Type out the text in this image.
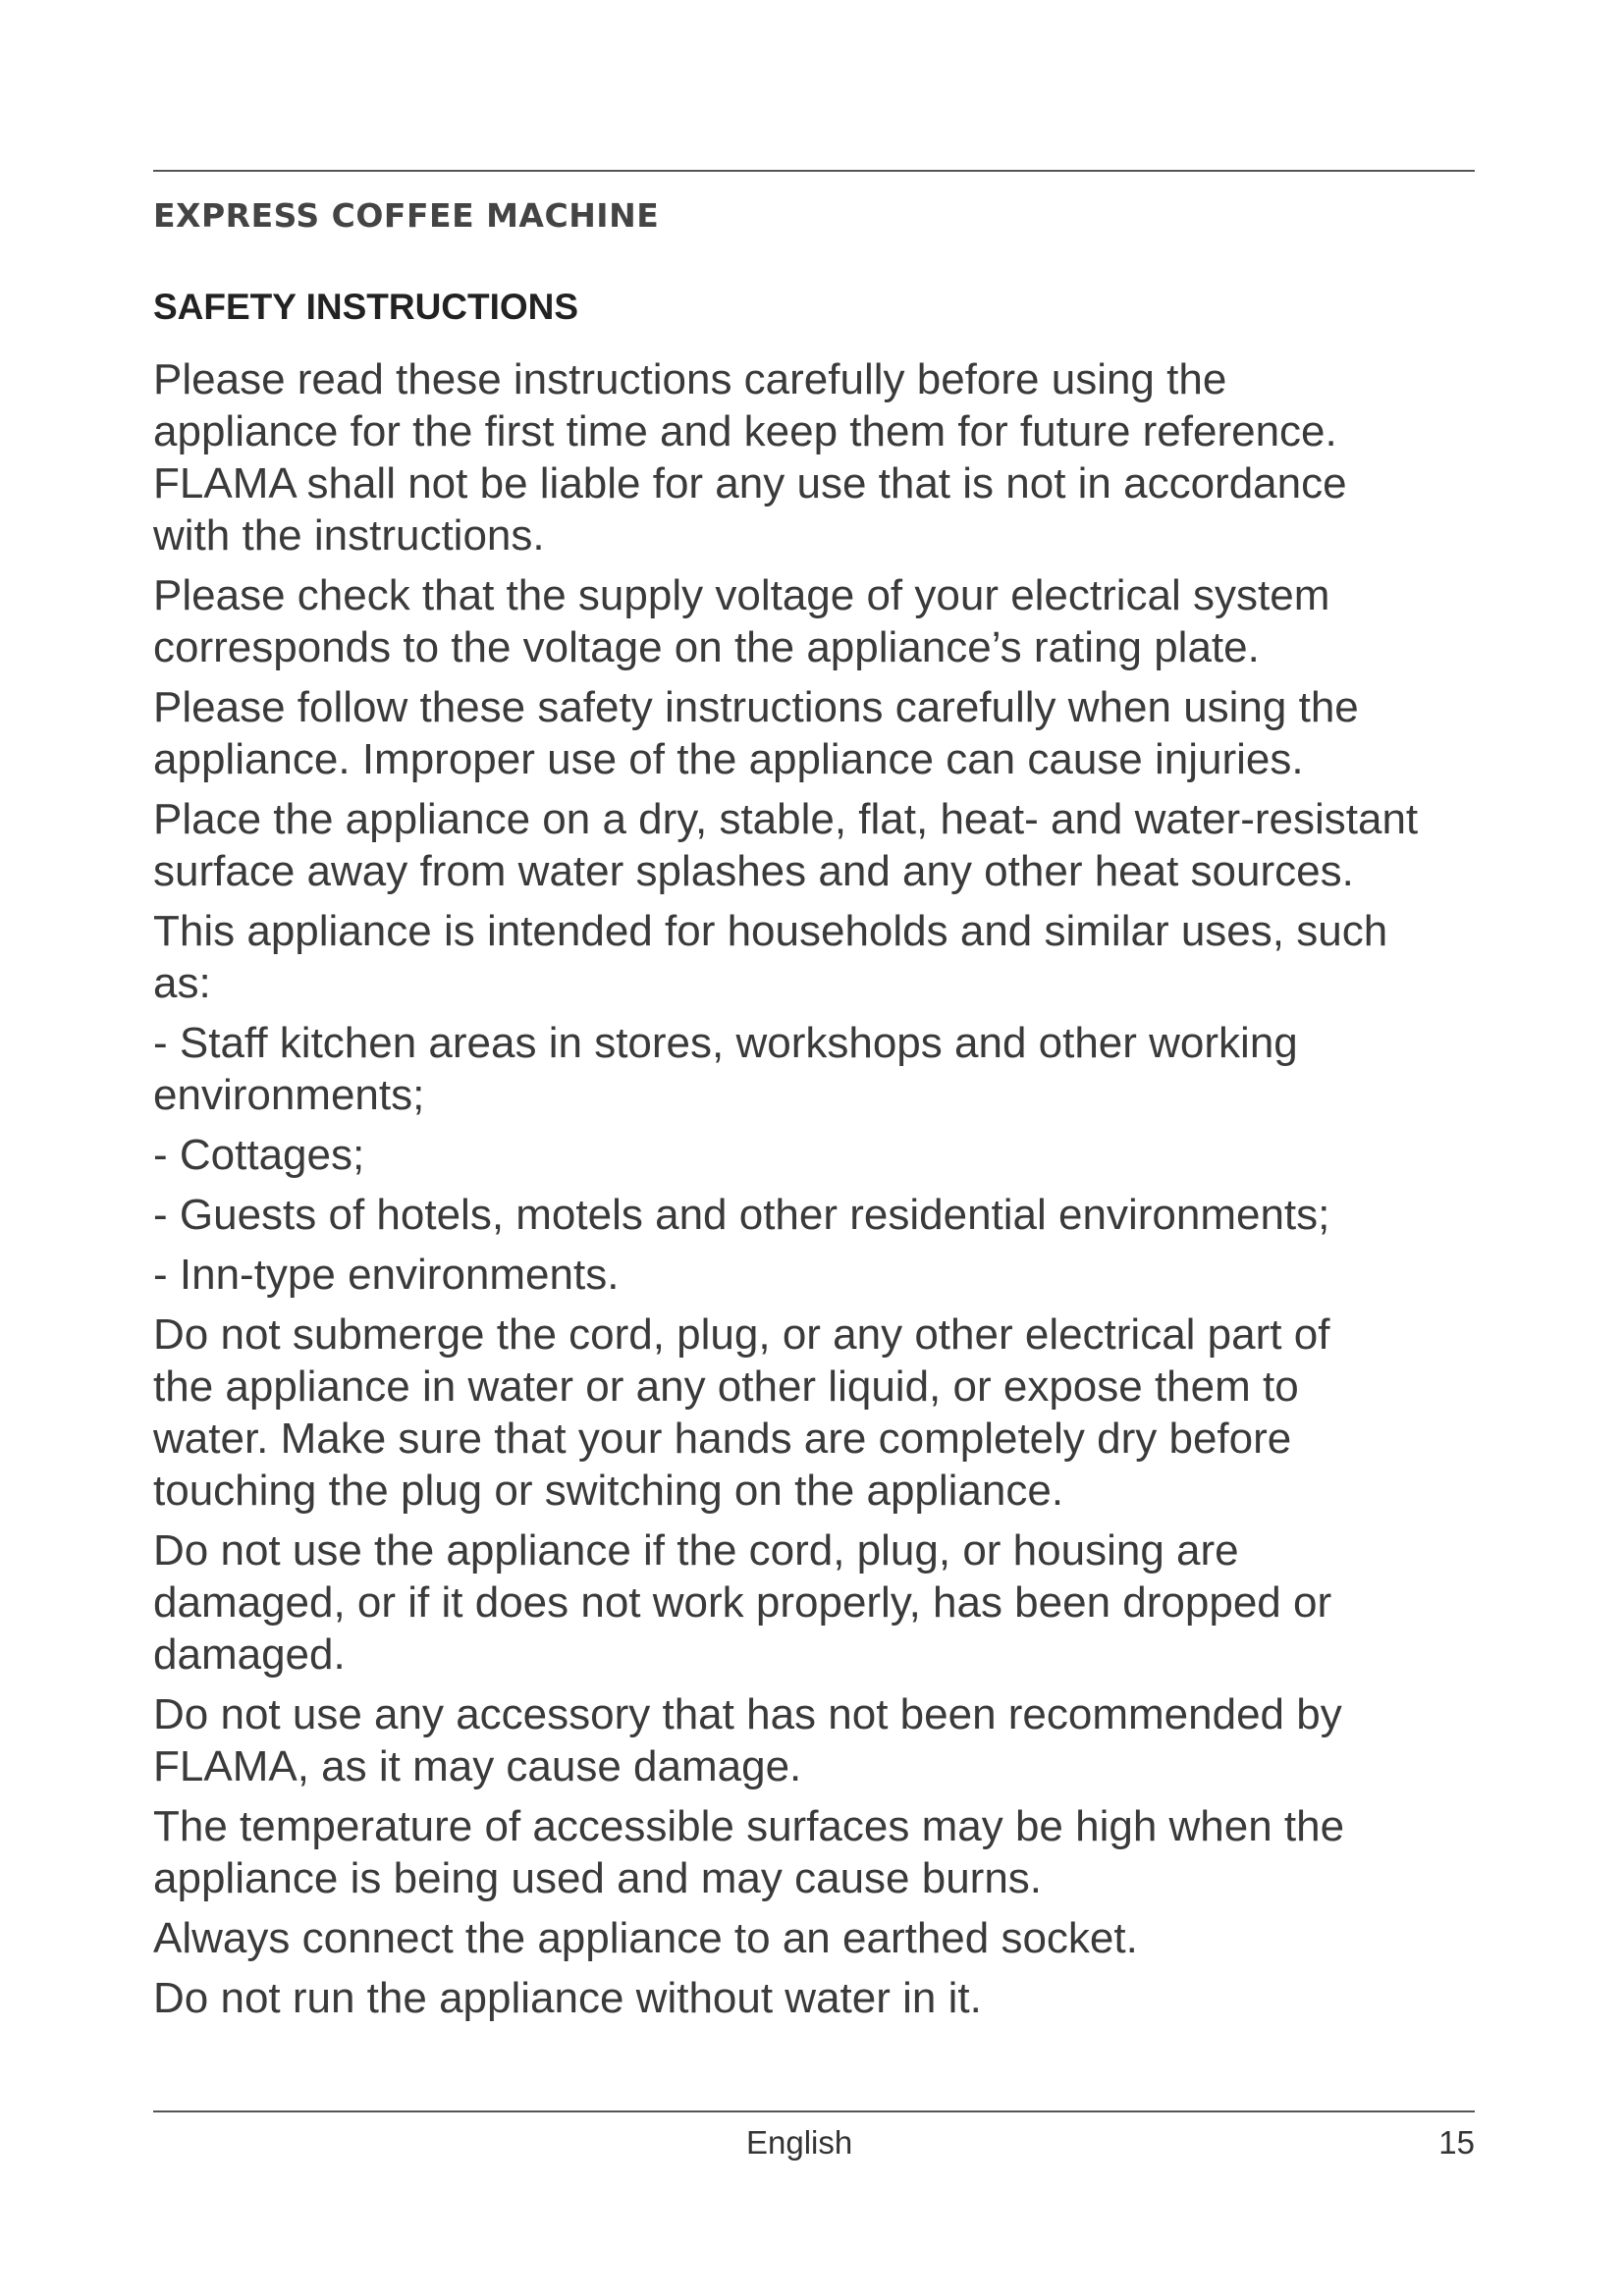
EXPRESS COFFEE MACHINE
SAFETY INSTRUCTIONS

Please read these instructions carefully before using the
appliance for the first time and keep them for future reference.
FLAMA shall not be liable for any use that is not in accordance
with the instructions.

Please check that the supply voltage of your electrical system
corresponds to the voltage on the appliance’s rating plate.

Please follow these safety instructions carefully when using the
appliance. Improper use of the appliance can cause injuries.

Place the appliance on a dry, stable, flat, heat- and water-resistant
surface away from water splashes and any other heat sources.

This appliance is intended for households and similar uses, such
as:

- Staff kitchen areas in stores, workshops and other working
environments;

- Cottages;

- Guests of hotels, motels and other residential environments;

- Inn-type environments.

Do not submerge the cord, plug, or any other electrical part of
the appliance in water or any other liquid, or expose them to
water. Make sure that your hands are completely dry before
touching the plug or switching on the appliance.

Do not use the appliance if the cord, plug, or housing are
damaged, or if it does not work properly, has been dropped or
damaged.

Do not use any accessory that has not been recommended by
FLAMA, as it may cause damage.

The temperature of accessible surfaces may be high when the
appliance is being used and may cause burns.

Always connect the appliance to an earthed socket.

Do not run the appliance without water in it.

English	15
